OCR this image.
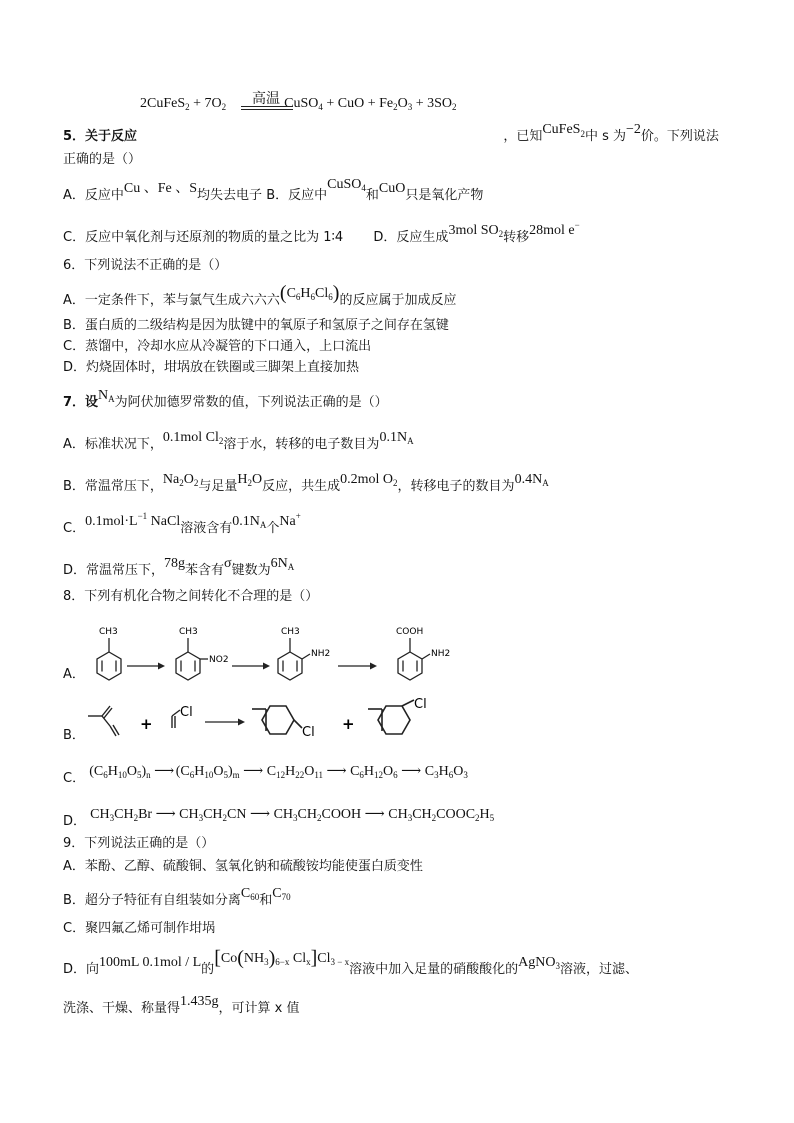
2CuFeS$_2$ + $7O_2$	CuSO$_4$ + CuO + $Fe_2O_3 + 3SO_2$
高温
5．关于反应	，已知CuFeS$_2$中 s 为−2价。下列说法
正确的是（）
A．反应中Cu 、Fe 、S均失去电子 B．反应中CuSO$_4$和CuO只是氧化产物
C．反应中氧化剂与还原剂的物质的量之比为 1∶4 D．反应生成3mol $SO_2$转移28mol e−
6．下列说法不正确的是（）
A．一定条件下，苯与氯气生成六六六$(C_6H_6Cl_6)$的反应属于加成反应
B．蛋白质的二级结构是因为肽键中的氧原子和氢原子之间存在氢键
C．蒸馏中，冷却水应从冷凝管的下口通入，上口流出
D．灼烧固体时，坩埚放在铁圈或三脚架上直接加热
7．设$N_A$为阿伏加德罗常数的值，下列说法正确的是（）
A．标准状况下，0.1mol $Cl_2$溶于水，转移的电子数目为$0.1N_A$
B．常温常压下，$Na_2O_2$与足量$H_2O$反应，共生成0.2mol $O_2$，转移电子的数目为$0.4N_A$
C．$0.1mol\cdot L^{-1}$ NaCl溶液含有$0.1N_A$个Na+
D．常温常压下，78g苯含有σ键数为$6N_A$
8．下列有机化合物之间转化不合理的是（）
A．
CH3	CH3
NO2
CH3
NH2
COOH
NH2
B．
+
Cl
Cl +
Cl
C． $(C_6H_{10}O_5)_n$ ⟶ $(C_6H_{10}O_5)_m$ ⟶ $C_{12}H_{22}O_{11}$ ⟶ $C_6H_{12}O_6$ ⟶ $C_3H_6O_3$
D． $CH_3CH_2Br$ ⟶ $CH_3CH_2CN$ ⟶ $CH_3CH_2COOH$ ⟶ $CH_3CH_2COOC_2H_5$
9．下列说法正确的是（）
A．苯酚、乙醇、硫酸铜、氢氧化钠和硫酸铵均能使蛋白质变性
B．超分子特征有自组装如分离$C_{60}$和$C_{70}$
C．聚四氟乙烯可制作坩埚
D．向100mL 0.1mol / L的[$Co(NH_3)_{6-x}$ $Cl_x]Cl_{3 - x}$溶液中加入足量的硝酸酸化的AgNO$_3$溶液，过滤、
洗涤、干燥、称量得1.435g，可计算 x 值
